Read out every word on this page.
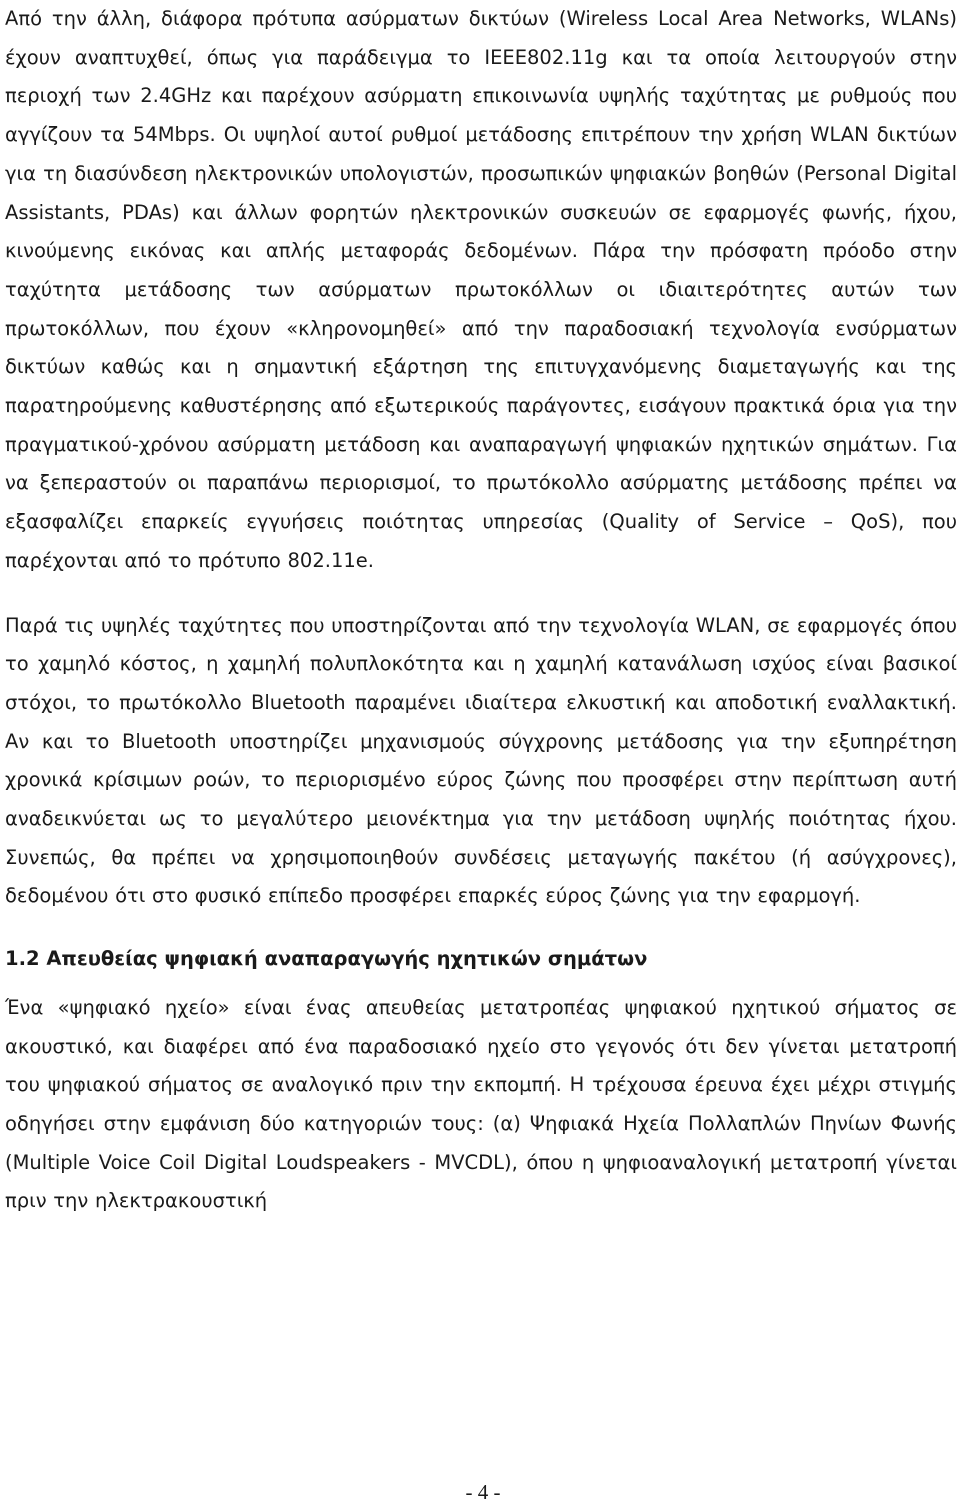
Από την άλλη, διάφορα πρότυπα ασύρματων δικτύων (Wireless Local Area Networks, WLANs) έχουν αναπτυχθεί, όπως για παράδειγμα το IEEE802.11g και τα οποία λειτουργούν στην περιοχή των 2.4GHz και παρέχουν ασύρματη επικοινωνία υψηλής ταχύτητας με ρυθμούς που αγγίζουν τα 54Mbps. Οι υψηλοί αυτοί ρυθμοί μετάδοσης επιτρέπουν την χρήση WLAN δικτύων για τη διασύνδεση ηλεκτρονικών υπολογιστών, προσωπικών ψηφιακών βοηθών (Personal Digital Assistants, PDAs) και άλλων φορητών ηλεκτρονικών συσκευών σε εφαρμογές φωνής, ήχου, κινούμενης εικόνας και απλής μεταφοράς δεδομένων. Πάρα την πρόσφατη πρόοδο στην ταχύτητα μετάδοσης των ασύρματων πρωτοκόλλων οι ιδιαιτερότητες αυτών των πρωτοκόλλων, που έχουν «κληρονομηθεί» από την παραδοσιακή τεχνολογία ενσύρματων δικτύων καθώς και η σημαντική εξάρτηση της επιτυγχανόμενης διαμεταγωγής και της παρατηρούμενης καθυστέρησης από εξωτερικούς παράγοντες, εισάγουν πρακτικά όρια για την πραγματικού-χρόνου ασύρματη μετάδοση και αναπαραγωγή ψηφιακών ηχητικών σημάτων. Για να ξεπεραστούν οι παραπάνω περιορισμοί, το πρωτόκολλο ασύρματης μετάδοσης πρέπει να εξασφαλίζει επαρκείς εγγυήσεις ποιότητας υπηρεσίας (Quality of Service – QoS), που παρέχονται από το πρότυπο 802.11e.

Παρά τις υψηλές ταχύτητες που υποστηρίζονται από την τεχνολογία WLAN, σε εφαρμογές όπου το χαμηλό κόστος, η χαμηλή πολυπλοκότητα και η χαμηλή κατανάλωση ισχύος είναι βασικοί στόχοι, το πρωτόκολλο Bluetooth παραμένει ιδιαίτερα ελκυστική και αποδοτική εναλλακτική. Αν και το Bluetooth υποστηρίζει μηχανισμούς σύγχρονης μετάδοσης για την εξυπηρέτηση χρονικά κρίσιμων ροών, το περιορισμένο εύρος ζώνης που προσφέρει στην περίπτωση αυτή αναδεικνύεται ως το μεγαλύτερο μειονέκτημα για την μετάδοση υψηλής ποιότητας ήχου. Συνεπώς, θα πρέπει να χρησιμοποιηθούν συνδέσεις μεταγωγής πακέτου (ή ασύγχρονες), δεδομένου ότι στο φυσικό επίπεδο προσφέρει επαρκές εύρος ζώνης για την εφαρμογή.

1.2 Απευθείας ψηφιακή αναπαραγωγής ηχητικών σημάτων

Ένα «ψηφιακό ηχείο» είναι ένας απευθείας μετατροπέας ψηφιακού ηχητικού σήματος σε ακουστικό, και διαφέρει από ένα παραδοσιακό ηχείο στο γεγονός ότι δεν γίνεται μετατροπή του ψηφιακού σήματος σε αναλογικό πριν την εκπομπή. Η τρέχουσα έρευνα έχει μέχρι στιγμής οδηγήσει στην εμφάνιση δύο κατηγοριών τους: (α) Ψηφιακά Ηχεία Πολλαπλών Πηνίων Φωνής (Multiple Voice Coil Digital Loudspeakers - MVCDL), όπου η ψηφιοαναλογική μετατροπή γίνεται πριν την ηλεκτρακουστική

- 4 -
